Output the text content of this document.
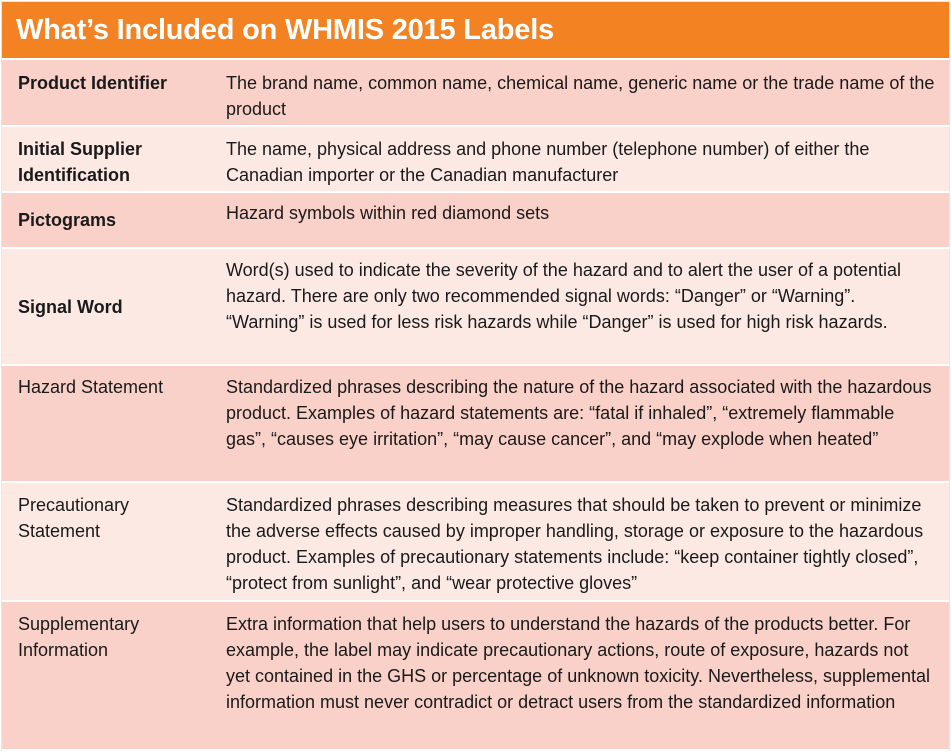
What’s Included on WHMIS 2015 Labels
Product Identifier	The brand name, common name, chemical name, generic name or the trade name of the product
Initial Supplier Identification	The name, physical address and phone number (telephone number) of either the Canadian importer or the Canadian manufacturer
Pictograms	Hazard symbols within red diamond sets
Signal Word	Word(s) used to indicate the severity of the hazard and to alert the user of a potential hazard. There are only two recommended signal words: “Danger” or “Warning”. “Warning” is used for less risk hazards while “Danger” is used for high risk hazards.
Hazard Statement	Standardized phrases describing the nature of the hazard associated with the hazardous product. Examples of hazard statements are: “fatal if inhaled”, “extremely flammable gas”, “causes eye irritation”, “may cause cancer”, and “may explode when heated”
Precautionary Statement	Standardized phrases describing measures that should be taken to prevent or minimize the adverse effects caused by improper handling, storage or exposure to the hazardous product. Examples of precautionary statements include: “keep container tightly closed”, “protect from sunlight”, and “wear protective gloves”
Supplementary Information	Extra information that help users to understand the hazards of the products better. For example, the label may indicate precautionary actions, route of exposure, hazards not yet contained in the GHS or percentage of unknown toxicity. Nevertheless, supplemental information must never contradict or detract users from the standardized information
